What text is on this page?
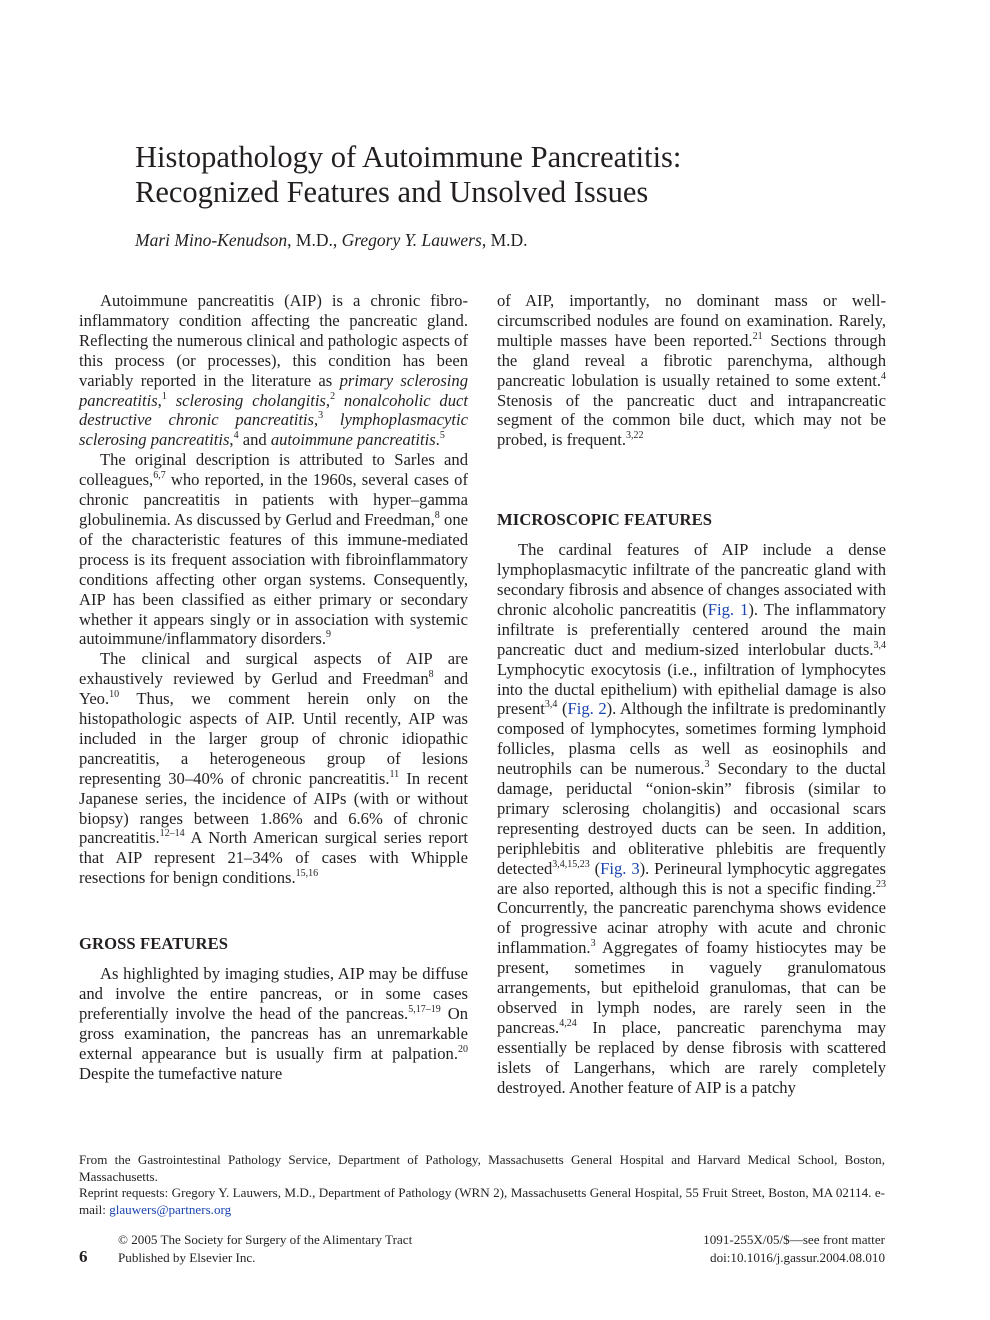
Histopathology of Autoimmune Pancreatitis:
Recognized Features and Unsolved Issues

Mari Mino-Kenudson, M.D., Gregory Y. Lauwers, M.D.

Autoimmune pancreatitis (AIP) is a chronic fibro-inflammatory condition affecting the pancreatic gland. Reflecting the numerous clinical and pathologic aspects of this process (or processes), this condition has been variably reported in the literature as primary sclerosing pancreatitis,$^1$ sclerosing cholangitis,$^2$ nonalcoholic duct destructive chronic pancreatitis,$^3$ lymphoplasmacytic sclerosing pancreatitis,$^4$ and autoimmune pancreatitis.$^5$

The original description is attributed to Sarles and colleagues,$^{6,7}$ who reported, in the 1960s, several cases of chronic pancreatitis in patients with hyper–gamma globulinemia. As discussed by Gerlud and Freedman,$^8$ one of the characteristic features of this immune-mediated process is its frequent association with fibroinflammatory conditions affecting other organ systems. Consequently, AIP has been classified as either primary or secondary whether it appears singly or in association with systemic autoimmune/inflammatory disorders.$^9$

The clinical and surgical aspects of AIP are exhaustively reviewed by Gerlud and Freedman$^8$ and Yeo.$^{10}$ Thus, we comment herein only on the histopathologic aspects of AIP. Until recently, AIP was included in the larger group of chronic idiopathic pancreatitis, a heterogeneous group of lesions representing 30–40% of chronic pancreatitis.$^{11}$ In recent Japanese series, the incidence of AIPs (with or without biopsy) ranges between 1.86% and 6.6% of chronic pancreatitis.$^{12-14}$ A North American surgical series report that AIP represent 21–34% of cases with Whipple resections for benign conditions.$^{15,16}$

GROSS FEATURES

As highlighted by imaging studies, AIP may be diffuse and involve the entire pancreas, or in some cases preferentially involve the head of the pancreas.$^{5,17-19}$ On gross examination, the pancreas has an unremarkable external appearance but is usually firm at palpation.$^{20}$ Despite the tumefactive nature

of AIP, importantly, no dominant mass or well-circumscribed nodules are found on examination. Rarely, multiple masses have been reported.$^{21}$ Sections through the gland reveal a fibrotic parenchyma, although pancreatic lobulation is usually retained to some extent.$^4$ Stenosis of the pancreatic duct and intrapancreatic segment of the common bile duct, which may not be probed, is frequent.$^{3,22}$

MICROSCOPIC FEATURES

The cardinal features of AIP include a dense lymphoplasmacytic infiltrate of the pancreatic gland with secondary fibrosis and absence of changes associated with chronic alcoholic pancreatitis (Fig. 1). The inflammatory infiltrate is preferentially centered around the main pancreatic duct and medium-sized interlobular ducts.$^{3,4}$ Lymphocytic exocytosis (i.e., infiltration of lymphocytes into the ductal epithelium) with epithelial damage is also present$^{3,4}$ (Fig. 2). Although the infiltrate is predominantly composed of lymphocytes, sometimes forming lymphoid follicles, plasma cells as well as eosinophils and neutrophils can be numerous.$^3$ Secondary to the ductal damage, periductal “onion-skin” fibrosis (similar to primary sclerosing cholangitis) and occasional scars representing destroyed ducts can be seen. In addition, periphlebitis and obliterative phlebitis are frequently detected$^{3,4,15,23}$ (Fig. 3). Perineural lymphocytic aggregates are also reported, although this is not a specific finding.$^{23}$ Concurrently, the pancreatic parenchyma shows evidence of progressive acinar atrophy with acute and chronic inflammation.$^3$ Aggregates of foamy histiocytes may be present, sometimes in vaguely granulomatous arrangements, but epitheloid granulomas, that can be observed in lymph nodes, are rarely seen in the pancreas.$^{4,24}$ In place, pancreatic parenchyma may essentially be replaced by dense fibrosis with scattered islets of Langerhans, which are rarely completely destroyed. Another feature of AIP is a patchy

From the Gastrointestinal Pathology Service, Department of Pathology, Massachusetts General Hospital and Harvard Medical School, Boston, Massachusetts.

Reprint requests: Gregory Y. Lauwers, M.D., Department of Pathology (WRN 2), Massachusetts General Hospital, 55 Fruit Street, Boston, MA 02114. e-mail: glauwers@partners.org

6
© 2005 The Society for Surgery of the Alimentary Tract
Published by Elsevier Inc.
1091-255X/05/$—see front matter
doi:10.1016/j.gassur.2004.08.010
